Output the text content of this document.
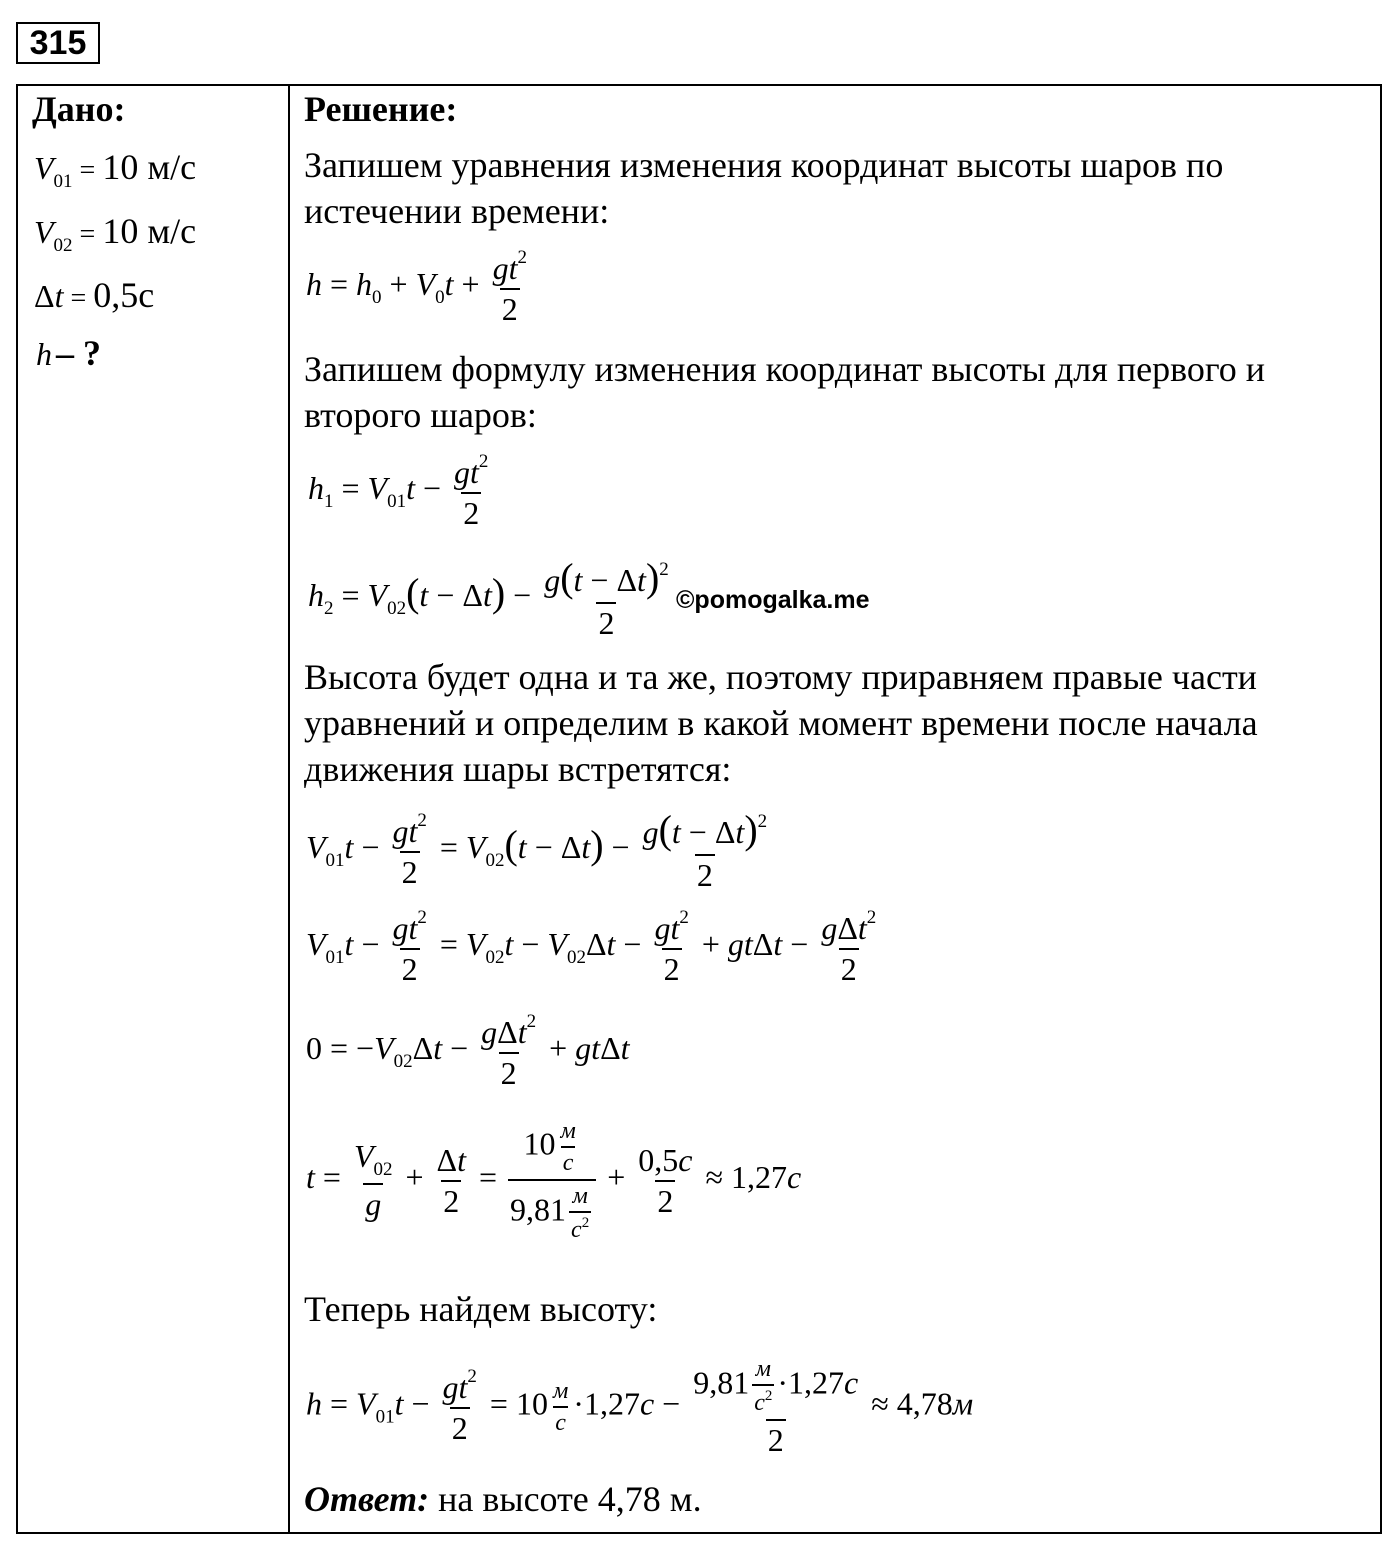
315
Дано:
$V_{01} = 10$ м/с
$V_{02} = 10$ м/с
Δt = 0,5с
h – ?
Решение:
Запишем уравнения изменения координат высоты шаров по
истечении времени:
$h = h_0 + V_0t + \frac{gt^2}{2}$
Запишем формулу изменения координат высоты для первого и
второго шаров:
$h_1 = V_{01}t - \frac{gt^2}{2}$
$h_2 = V_{02}(t - \Delta t) - \frac{g(t - \Delta t)^2}{2}$ ©pomogalka.me
Высота будет одна и та же, поэтому приравняем правые части
уравнений и определим в какой момент времени после начала
движения шары встретятся:
$V_{01}t - \frac{gt^2}{2} = V_{02}(t - \Delta t) - \frac{g(t - \Delta t)^2}{2}$
$V_{01}t - \frac{gt^2}{2} = V_{02}t - V_{02}\Delta t - \frac{gt^2}{2} + gt\Delta t - \frac{g\Delta t^2}{2}$
$0 = -V_{02}\Delta t - \frac{g\Delta t^2}{2} + gt\Delta t$
$t = \frac{V_{02}}{g} + \frac{\Delta t}{2} = \frac{10 \frac{м}{с}}{9,81 \frac{м}{с^2}} + \frac{0,5с}{2} \approx 1,27с$
Теперь найдем высоту:
$h = V_{01}t - \frac{gt^2}{2} = 10 \frac{м}{с} \cdot 1,27с - \frac{9,81 \frac{м}{с^2} \cdot 1,27с}{2} \approx 4,78м$
Ответ: на высоте 4,78 м.
